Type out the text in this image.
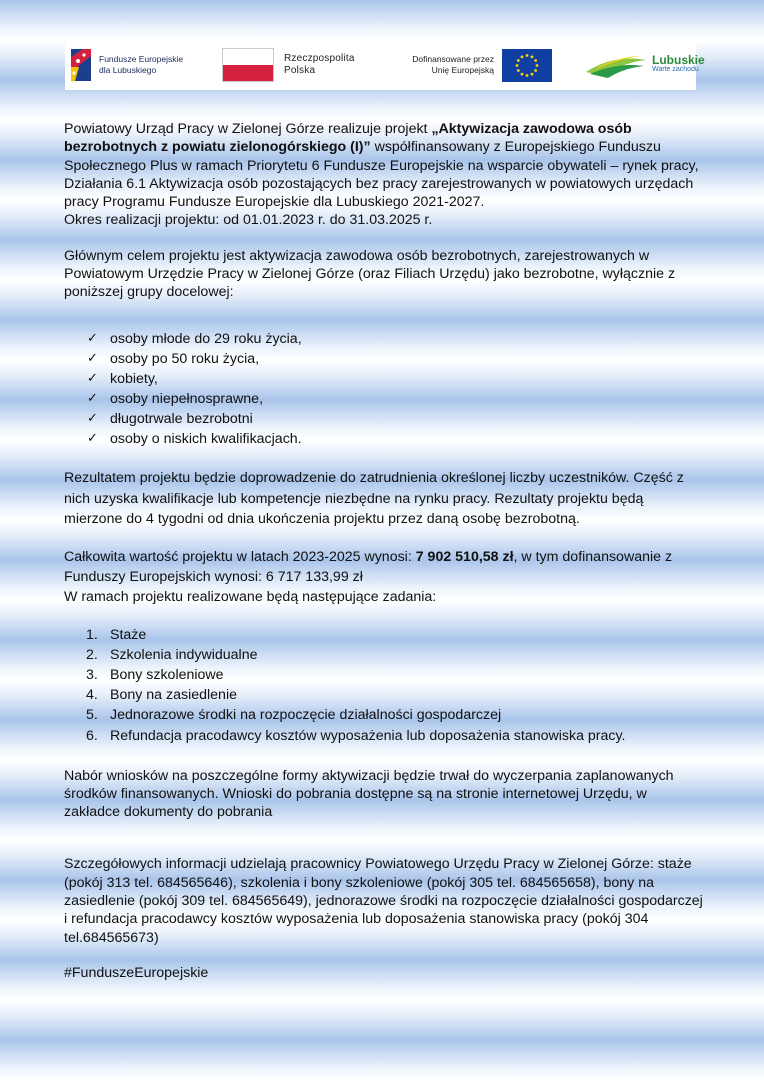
Fundusze Europejskie
dla Lubuskiego
Rzeczpospolita
Polska
Dofinansowane przez
Unię Europejską
Lubuskie
Warte zachodu

Powiatowy Urząd Pracy w Zielonej Górze realizuje projekt „Aktywizacja zawodowa osób bezrobotnych z powiatu zielonogórskiego (I)” współfinansowany z Europejskiego Funduszu Społecznego Plus w ramach Priorytetu 6 Fundusze Europejskie na wsparcie obywateli – rynek pracy, Działania 6.1 Aktywizacja osób pozostających bez pracy zarejestrowanych w powiatowych urzędach pracy Programu Fundusze Europejskie dla Lubuskiego 2021-2027.
Okres realizacji projektu: od 01.01.2023 r. do 31.03.2025 r.

Głównym celem projektu jest aktywizacja zawodowa osób bezrobotnych, zarejestrowanych w Powiatowym Urzędzie Pracy w Zielonej Górze (oraz Filiach Urzędu) jako bezrobotne, wyłącznie z poniższej grupy docelowej:

✓ osoby młode do 29 roku życia,
✓ osoby po 50 roku życia,
✓ kobiety,
✓ osoby niepełnosprawne,
✓ długotrwale bezrobotni
✓ osoby o niskich kwalifikacjach.

Rezultatem projektu będzie doprowadzenie do zatrudnienia określonej liczby uczestników. Część z nich uzyska kwalifikacje lub kompetencje niezbędne na rynku pracy. Rezultaty projektu będą mierzone do 4 tygodni od dnia ukończenia projektu przez daną osobę bezrobotną.

Całkowita wartość projektu w latach 2023-2025 wynosi: 7 902 510,58 zł, w tym dofinansowanie z Funduszy Europejskich wynosi: 6 717 133,99 zł

W ramach projektu realizowane będą następujące zadania:

1. Staże
2. Szkolenia indywidualne
3. Bony szkoleniowe
4. Bony na zasiedlenie
5. Jednorazowe środki na rozpoczęcie działalności gospodarczej
6. Refundacja pracodawcy kosztów wyposażenia lub doposażenia stanowiska pracy.

Nabór wniosków na poszczególne formy aktywizacji będzie trwał do wyczerpania zaplanowanych środków finansowanych. Wnioski do pobrania dostępne są na stronie internetowej Urzędu, w zakładce dokumenty do pobrania

Szczegółowych informacji udzielają pracownicy Powiatowego Urzędu Pracy w Zielonej Górze: staże (pokój 313 tel. 684565646), szkolenia i bony szkoleniowe (pokój 305 tel. 684565658), bony na zasiedlenie (pokój 309 tel. 684565649), jednorazowe środki na rozpoczęcie działalności gospodarczej i refundacja pracodawcy kosztów wyposażenia lub doposażenia stanowiska pracy (pokój 304 tel.684565673)

#FunduszeEuropejskie
